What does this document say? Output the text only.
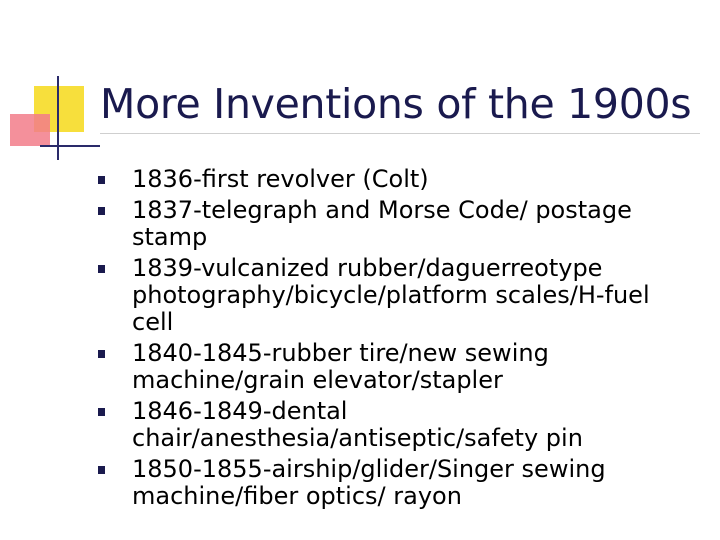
More Inventions of the 1900s
1836-first revolver (Colt)
1837-telegraph and Morse Code/ postage stamp
1839-vulcanized rubber/daguerreotype photography/bicycle/platform scales/H-fuel cell
1840-1845-rubber tire/new sewing machine/grain elevator/stapler
1846-1849-dental chair/anesthesia/antiseptic/safety pin
1850-1855-airship/glider/Singer sewing machine/fiber optics/ rayon
